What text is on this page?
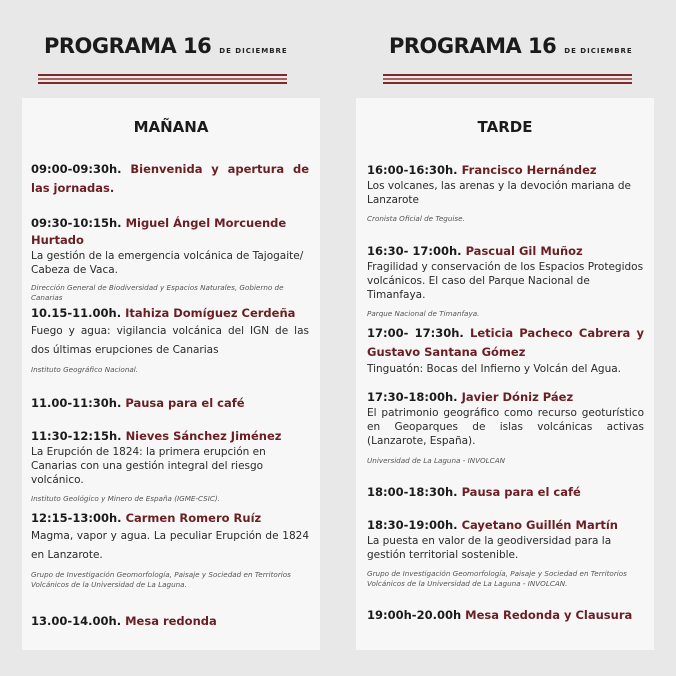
PROGRAMA 16 DE DICIEMBRE	PROGRAMA 16 DE DICIEMBRE
MAÑANA
09:00-09:30h. Bienvenida y apertura de las jornadas.
09:30-10:15h. Miguel Ángel Morcuende Hurtado
La gestión de la emergencia volcánica de Tajogaite/ Cabeza de Vaca.
Dirección General de Biodiversidad y Espacios Naturales, Gobierno de Canarias
10.15-11.00h. Itahiza Domíguez Cerdeña
Fuego y agua: vigilancia volcánica del IGN de las dos últimas erupciones de Canarias
Instituto Geográfico Nacional.
11.00-11:30h. Pausa para el café
11:30-12:15h. Nieves Sánchez Jiménez
La Erupción de 1824: la primera erupción en Canarias con una gestión integral del riesgo volcánico.
Instituto Geológico y Minero de España (IGME-CSIC).
12:15-13:00h. Carmen Romero Ruíz
Magma, vapor y agua. La peculiar Erupción de 1824 en Lanzarote.
Grupo de Investigación Geomorfología, Paisaje y Sociedad en Territorios Volcánicos de la Universidad de La Laguna.
13.00-14.00h. Mesa redonda
TARDE
16:00-16:30h. Francisco Hernández
Los volcanes, las arenas y la devoción mariana de Lanzarote
Cronista Oficial de Teguise.
16:30- 17:00h. Pascual Gil Muñoz
Fragilidad y conservación de los Espacios Protegidos volcánicos. El caso del Parque Nacional de Timanfaya.
Parque Nacional de Timanfaya.
17:00- 17:30h. Leticia Pacheco Cabrera y Gustavo Santana Gómez
Tinguatón: Bocas del Infierno y Volcán del Agua.
17:30-18:00h. Javier Dóniz Páez
El patrimonio geográfico como recurso geoturístico en Geoparques de islas volcánicas activas (Lanzarote, España).
Universidad de La Laguna - INVOLCAN
18:00-18:30h. Pausa para el café
18:30-19:00h. Cayetano Guillén Martín
La puesta en valor de la geodiversidad para la gestión territorial sostenible.
Grupo de Investigación Geomorfología, Paisaje y Sociedad en Territorios Volcánicos de la Universidad de La Laguna - INVOLCAN.
19:00h-20.00h Mesa Redonda y Clausura
